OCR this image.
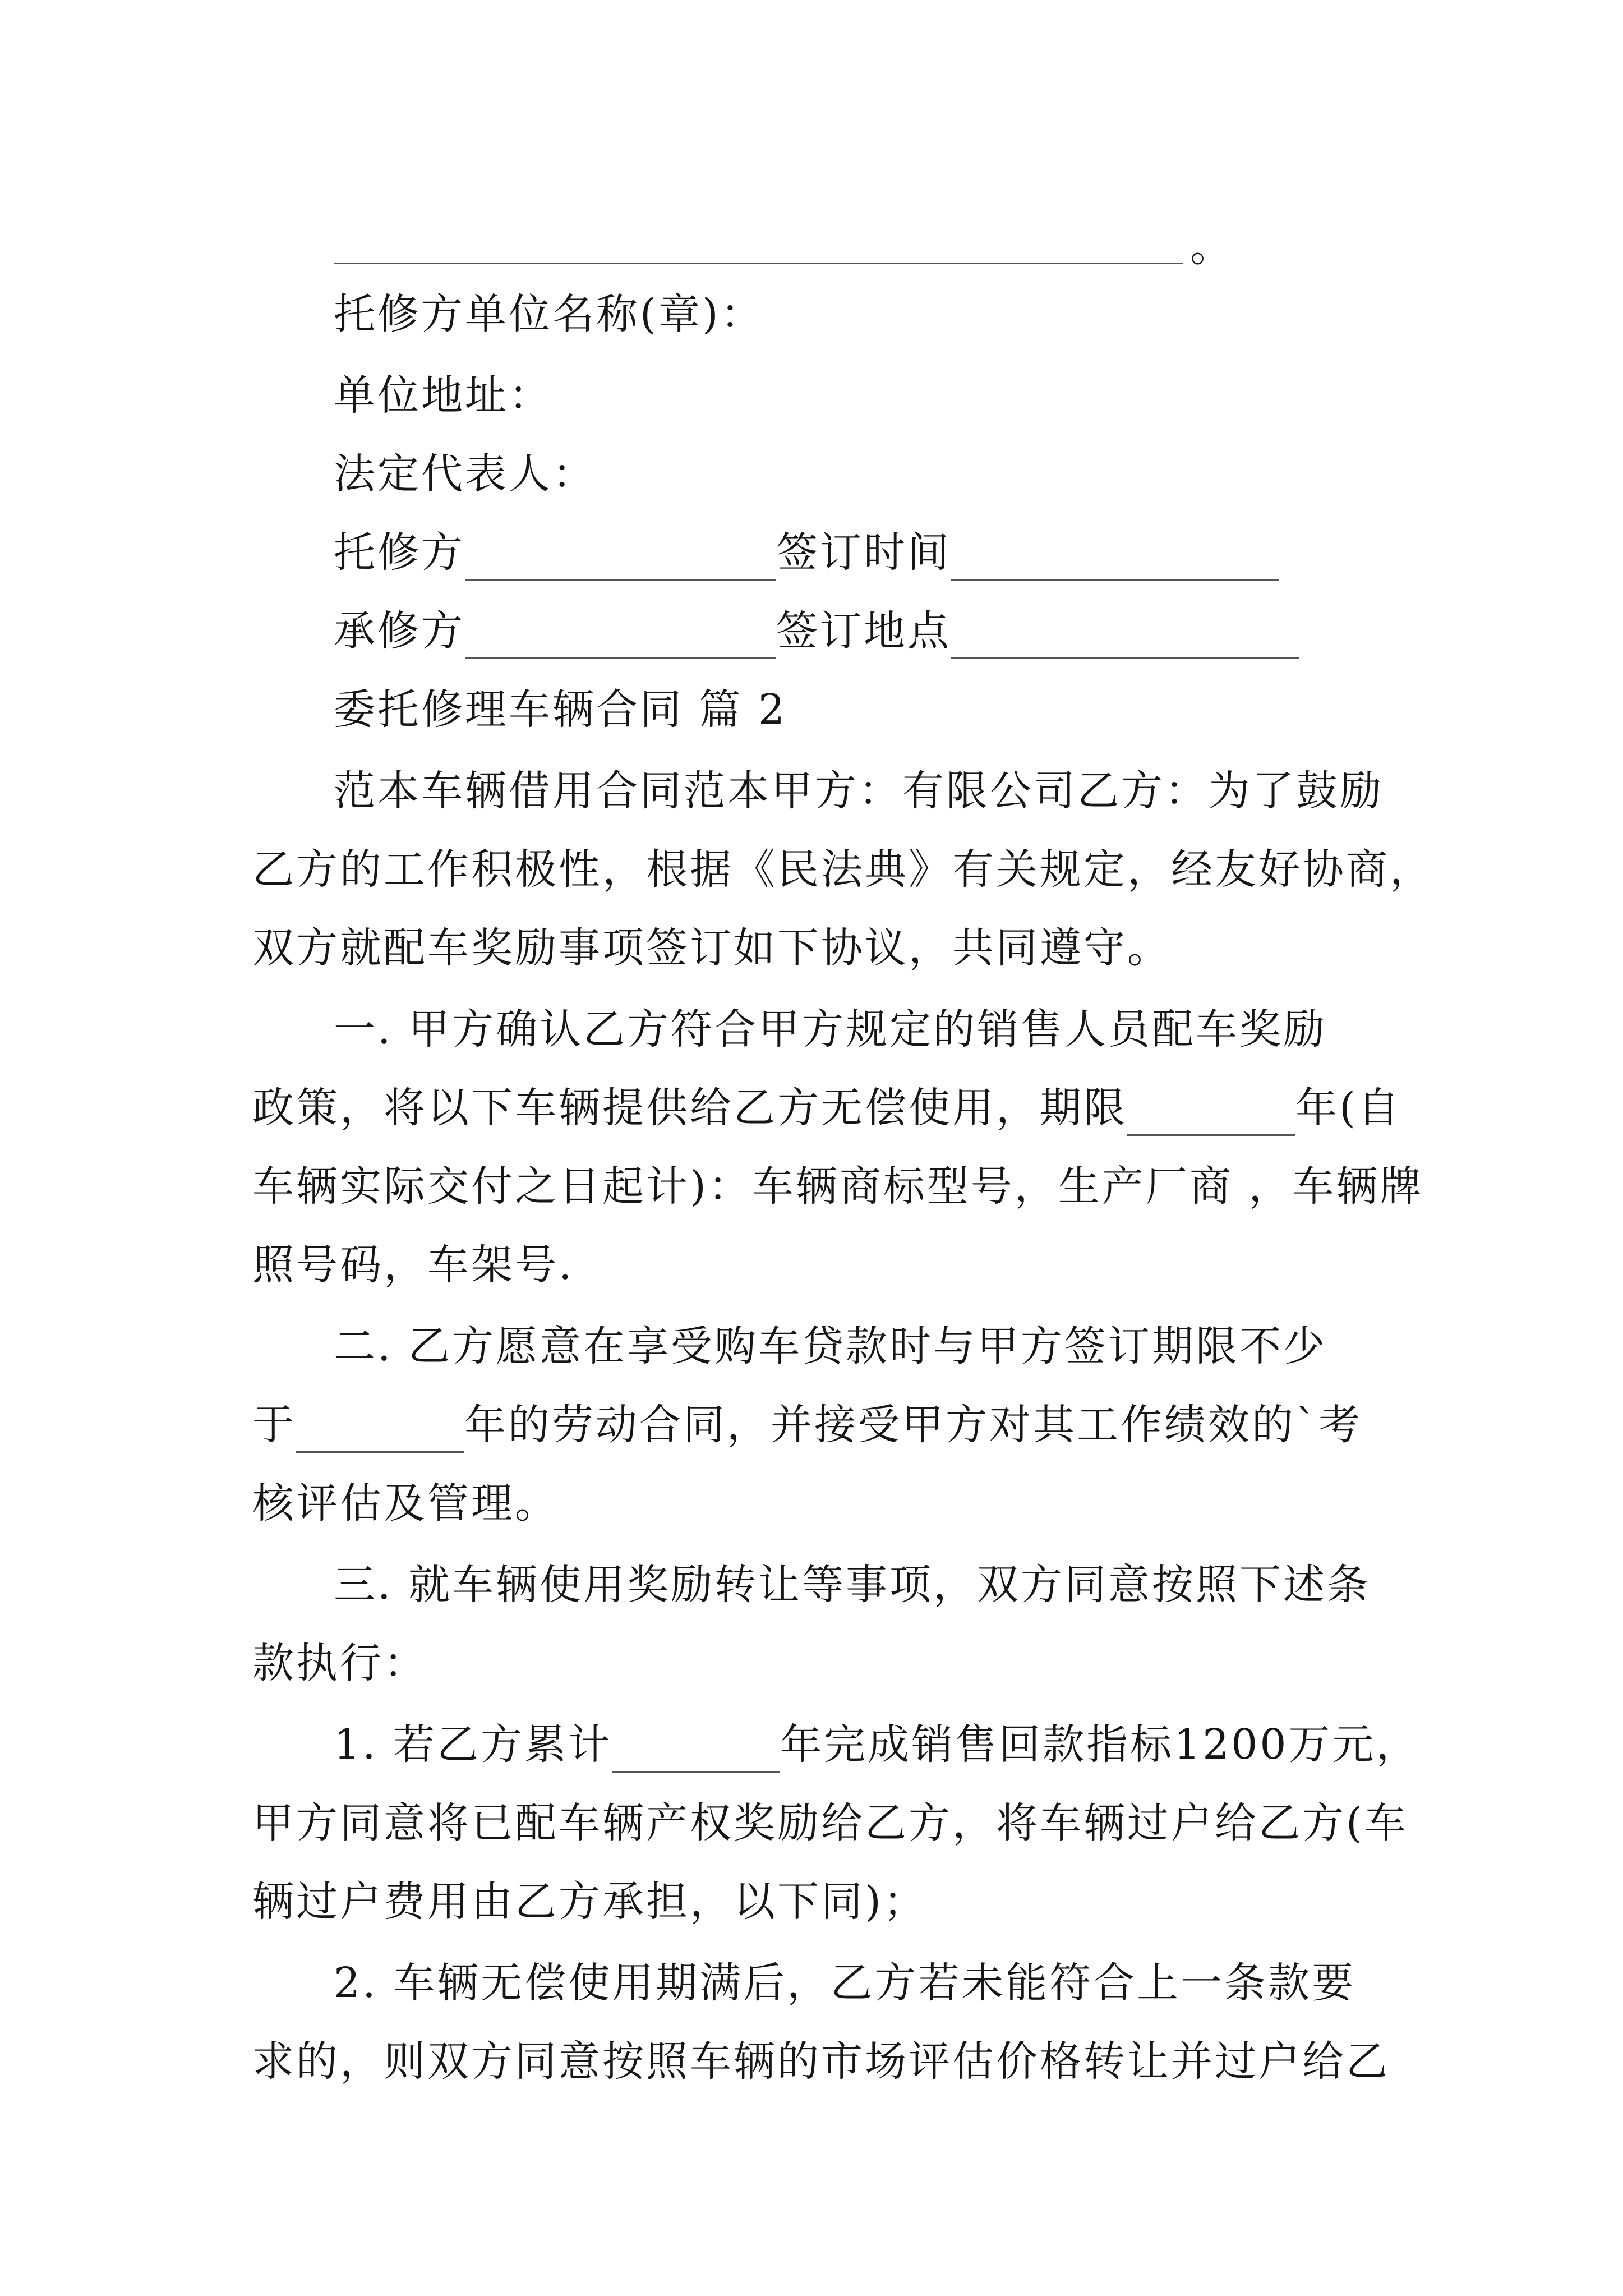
。
托修方单位名称(章)：
单位地址：
法定代表人：
托修方	签订时间
承修方	签订地点
委托修理车辆合同 篇 2
范本车辆借用合同范本甲方：有限公司乙方：为了鼓励
乙方的工作积极性，根据《民法典》有关规定，经友好协商，
双方就配车奖励事项签订如下协议，共同遵守。
一. 甲方确认乙方符合甲方规定的销售人员配车奖励
政策，将以下车辆提供给乙方无偿使用，期限	年(自
车辆实际交付之日起计)：车辆商标型号，生产厂商 ，车辆牌
照号码，车架号.
二. 乙方愿意在享受购车贷款时与甲方签订期限不少
于	年的劳动合同，并接受甲方对其工作绩效的`考
核评估及管理。
三. 就车辆使用奖励转让等事项，双方同意按照下述条
款执行：
1. 若乙方累计	年完成销售回款指标1200万元，
甲方同意将已配车辆产权奖励给乙方，将车辆过户给乙方(车
辆过户费用由乙方承担，以下同)；
2. 车辆无偿使用期满后，乙方若未能符合上一条款要
求的，则双方同意按照车辆的市场评估价格转让并过户给乙
